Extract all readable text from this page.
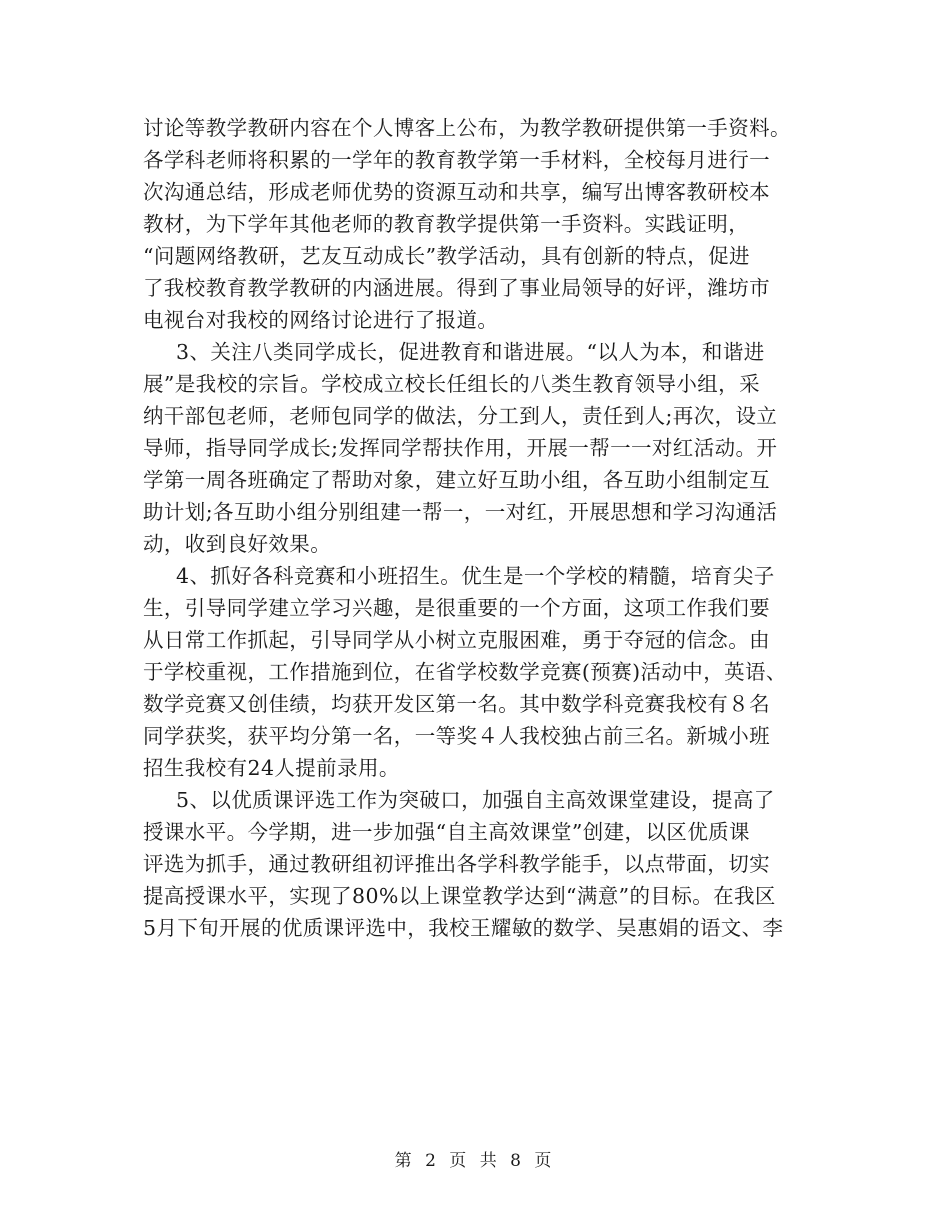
讨论等教学教研内容在个人博客上公布，为教学教研提供第一手资料。
各学科老师将积累的一学年的教育教学第一手材料，全校每月进行一
次沟通总结，形成老师优势的资源互动和共享，编写出博客教研校本
教材，为下学年其他老师的教育教学提供第一手资料。实践证明，
“问题网络教研，艺友互动成长”教学活动，具有创新的特点，促进
了我校教育教学教研的内涵进展。得到了事业局领导的好评，潍坊市
电视台对我校的网络讨论进行了报道。
3、关注八类同学成长，促进教育和谐进展。“以人为本，和谐进
展”是我校的宗旨。学校成立校长任组长的八类生教育领导小组，采
纳干部包老师，老师包同学的做法，分工到人，责任到人;再次，设立
导师，指导同学成长;发挥同学帮扶作用，开展一帮一一对红活动。开
学第一周各班确定了帮助对象，建立好互助小组，各互助小组制定互
助计划;各互助小组分别组建一帮一，一对红，开展思想和学习沟通活
动，收到良好效果。
4、抓好各科竞赛和小班招生。优生是一个学校的精髓，培育尖子
生，引导同学建立学习兴趣，是很重要的一个方面，这项工作我们要
从日常工作抓起，引导同学从小树立克服困难，勇于夺冠的信念。由
于学校重视，工作措施到位，在省学校数学竞赛(预赛)活动中，英语、
数学竞赛又创佳绩，均获开发区第一名。其中数学科竞赛我校有８名
同学获奖，获平均分第一名，一等奖４人我校独占前三名。新城小班
招生我校有24人提前录用。
5、以优质课评选工作为突破口，加强自主高效课堂建设，提高了
授课水平。今学期，进一步加强“自主高效课堂”创建，以区优质课
评选为抓手，通过教研组初评推出各学科教学能手，以点带面，切实
提高授课水平，实现了80%以上课堂教学达到“满意”的目标。在我区
5月下旬开展的优质课评选中，我校王耀敏的数学、吴惠娟的语文、李
第 2 页 共 8 页
